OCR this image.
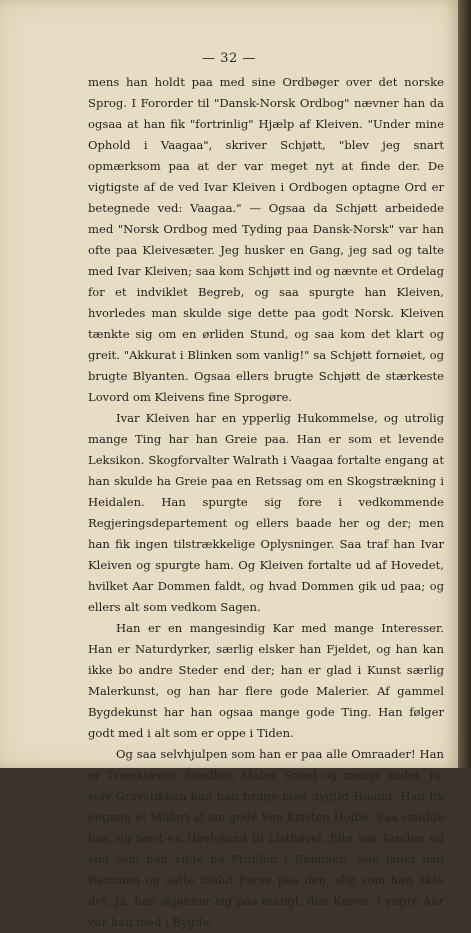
— 32 —

mens han holdt paa med sine Ordbøger over det norske Sprog. I Fororder til "Dansk-Norsk Ordbog" nævner han da ogsaa at han fik "fortrinlig" Hjælp af Kleiven. "Under mine Ophold i Vaagaa", skriver Schjøtt, "blev jeg snart opmærksom paa at der var meget nyt at finde der. De vigtigste af de ved Ivar Kleiven i Ordbogen optagne Ord er betegnede ved: Vaagaa." — Ogsaa da Schjøtt arbeidede med "Norsk Ordbog med Tyding paa Dansk-Norsk" var han ofte paa Kleivesæter. Jeg husker en Gang, jeg sad og talte med Ivar Kleiven; saa kom Schjøtt ind og nævnte et Ordelag for et indviklet Begreb, og saa spurgte han Kleiven, hvorledes man skulde sige dette paa godt Norsk. Kleiven tænkte sig om en ørliden Stund, og saa kom det klart og greit. "Akkurat i Blinken som vanlig!" sa Schjøtt fornøiet, og brugte Blyanten. Ogsaa ellers brugte Schjøtt de stærkeste Lovord om Kleivens fine Sprogøre.

Ivar Kleiven har en ypperlig Hukommelse, og utrolig mange Ting har han Greie paa. Han er som et levende Leksikon. Skogforvalter Walrath i Vaagaa fortalte engang at han skulde ha Greie paa en Retssag om en Skogstrækning i Heidalen. Han spurgte sig fore i vedkommende Regjeringsdepartement og ellers baade her og der; men han fik ingen tilstrækkelige Oplysninger. Saa traf han Ivar Kleiven og spurgte ham. Og Kleiven fortalte ud af Hovedet, hvilket Aar Dommen faldt, og hvad Dommen gik ud paa; og ellers alt som vedkom Sagen.

Han er en mangesindig Kar med mange Interesser. Han er Naturdyrker, særlig elsker han Fjeldet, og han kan ikke bo andre Steder end der; han er glad i Kunst særlig Malerkunst, og han har flere gode Malerier. Af gammel Bygdekunst har han ogsaa mange gode Ting. Han følger godt med i alt som er oppe i Tiden.

Og saa selvhjulpen som han er paa alle Omraader! Han er Træskjærer, Snedker, Maler, Smed og mangt andet. Ja, selv Gravstikken kan han bruge med dygtig Haand. Han fik engang et Maleri af sin gode Ven Kristen Holbø. Saa smidde han sig først en Høvletand til Listhøvel, filte saa Tanden ud slig som han vilde ha Profilen i Rammen. Saa laget han Rammen og satte tilslut Farve paa den, slig som han likte det. Ja, han skjønner sig paa mangt, den Karen. I yngre Aar var han med i Bygde-
